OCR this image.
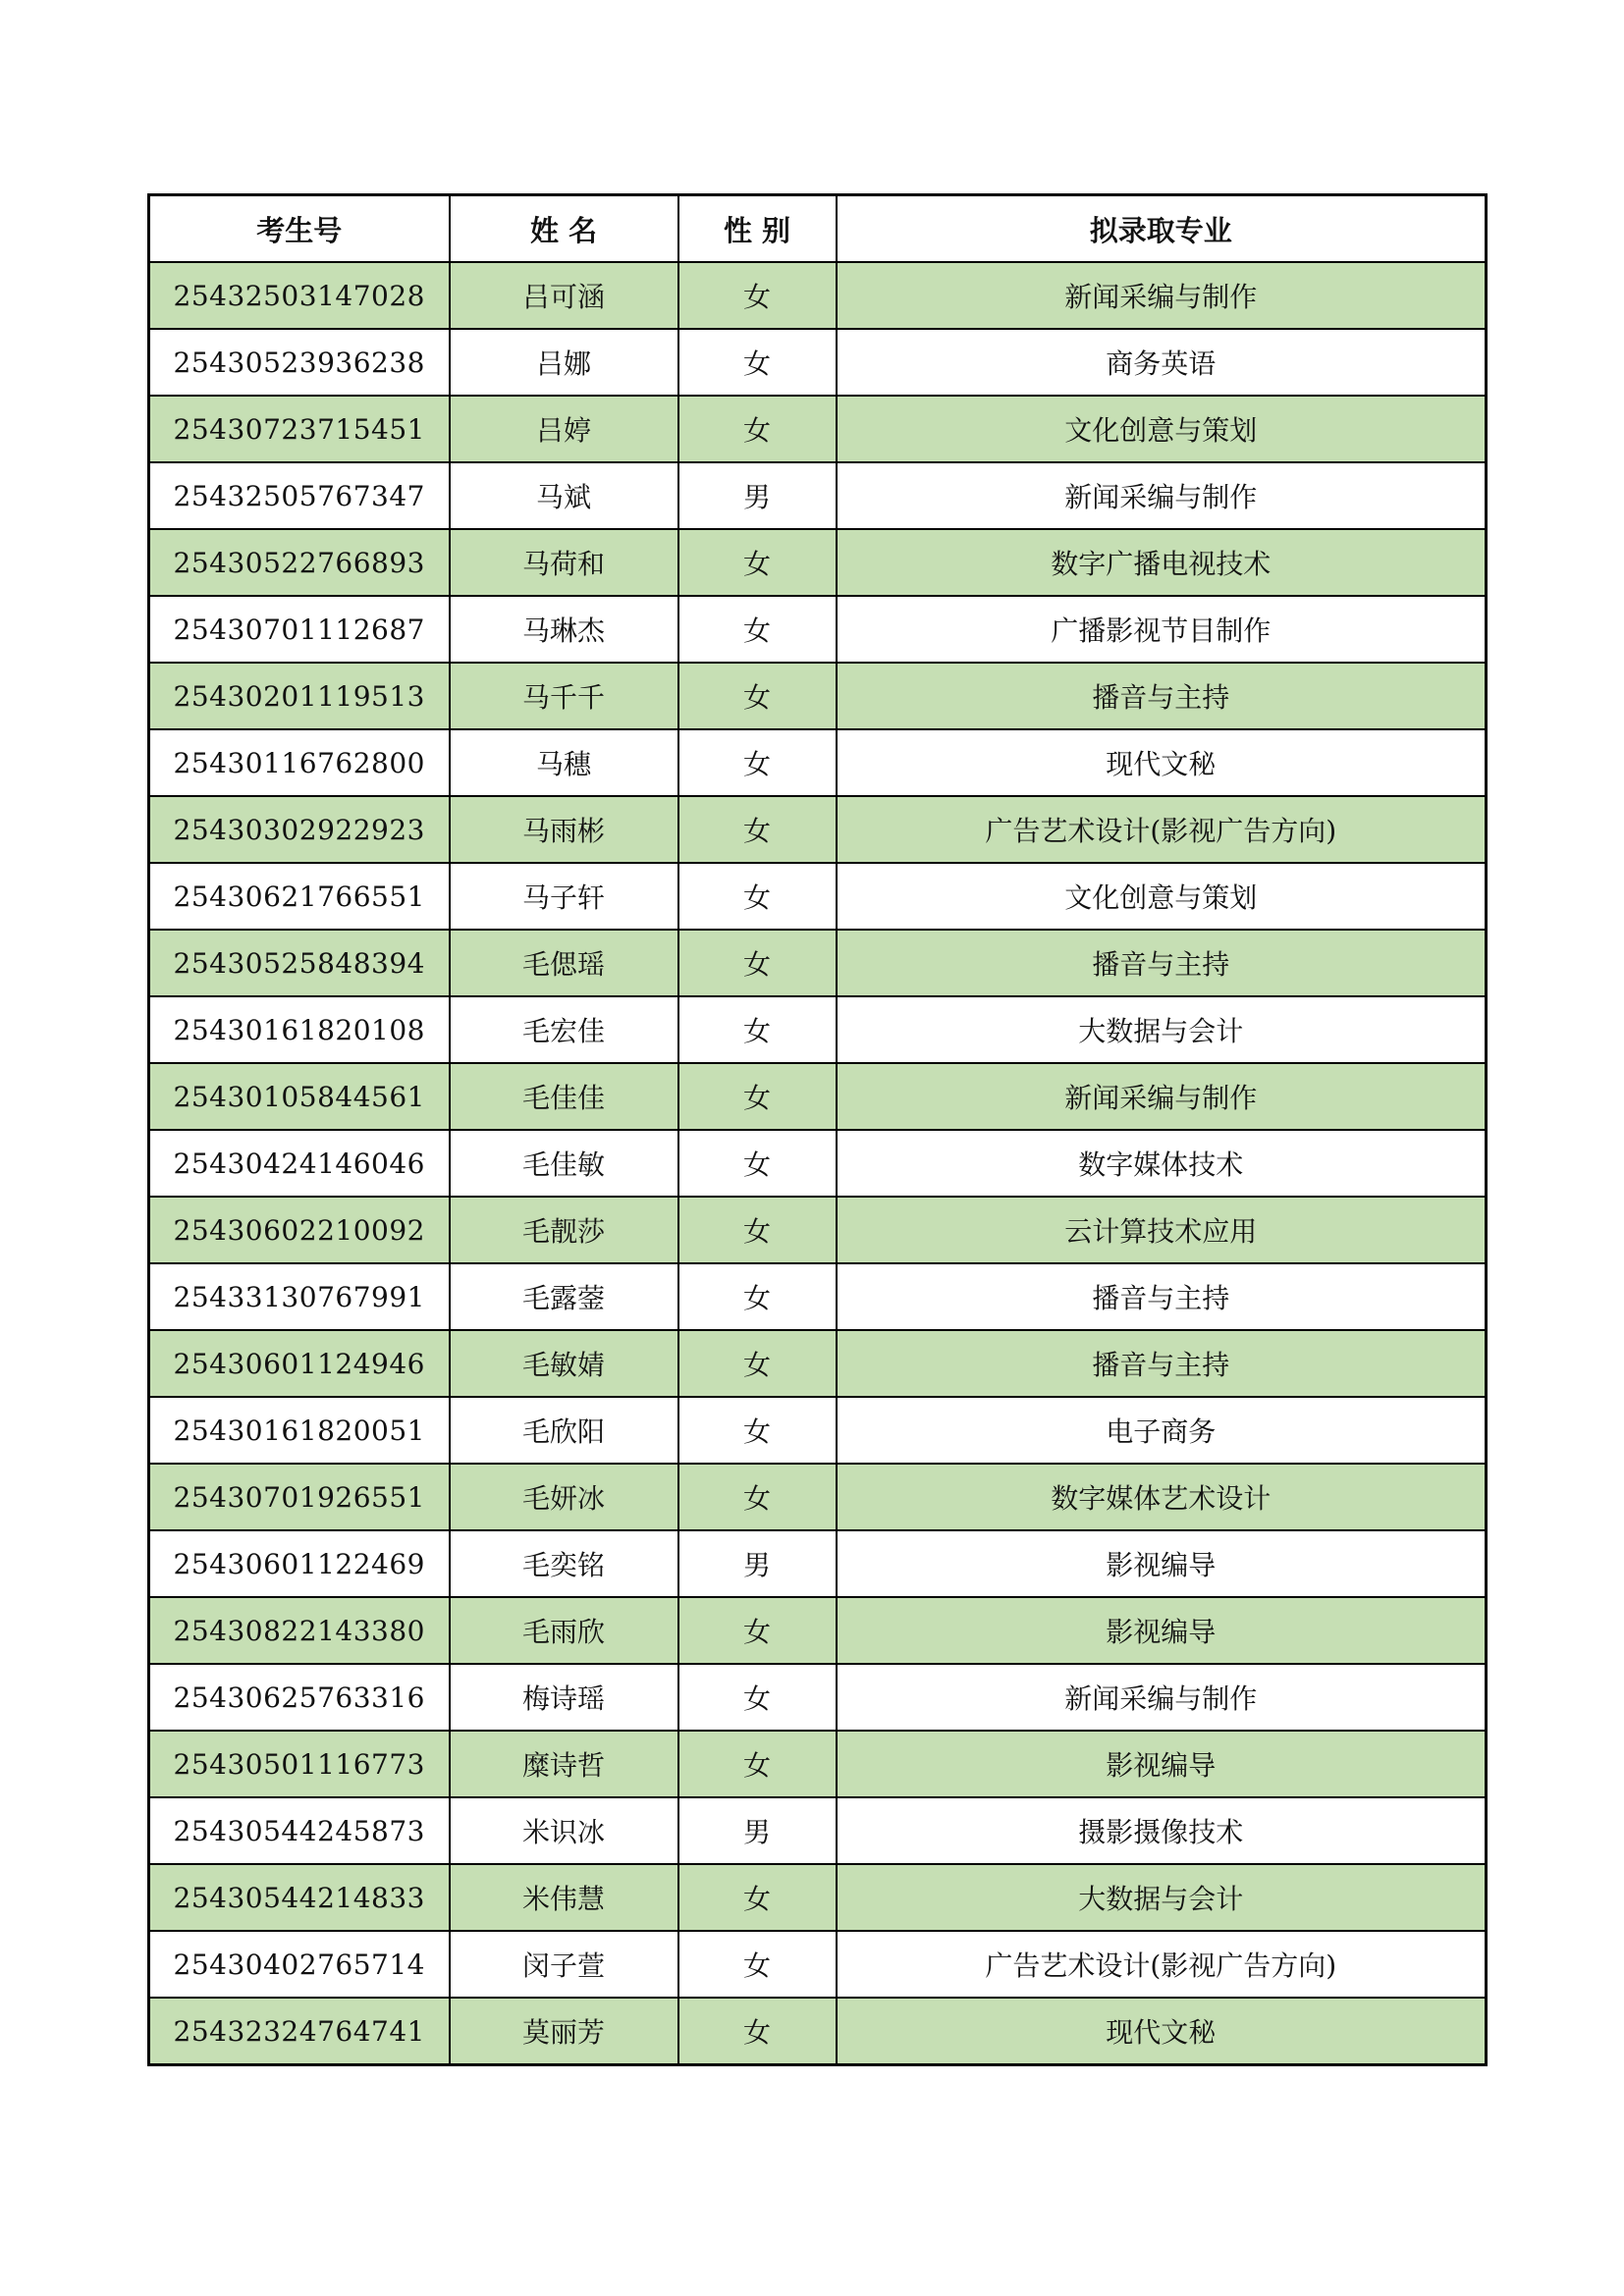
考生号	姓 名	性 别	拟录取专业
25432503147028	吕可涵	女	新闻采编与制作
25430523936238	吕娜	女	商务英语
25430723715451	吕婷	女	文化创意与策划
25432505767347	马斌	男	新闻采编与制作
25430522766893	马荷和	女	数字广播电视技术
25430701112687	马琳杰	女	广播影视节目制作
25430201119513	马千千	女	播音与主持
25430116762800	马穗	女	现代文秘
25430302922923	马雨彬	女	广告艺术设计(影视广告方向)
25430621766551	马子轩	女	文化创意与策划
25430525848394	毛偲瑶	女	播音与主持
25430161820108	毛宏佳	女	大数据与会计
25430105844561	毛佳佳	女	新闻采编与制作
25430424146046	毛佳敏	女	数字媒体技术
25430602210092	毛靓莎	女	云计算技术应用
25433130767991	毛露蓥	女	播音与主持
25430601124946	毛敏婧	女	播音与主持
25430161820051	毛欣阳	女	电子商务
25430701926551	毛妍冰	女	数字媒体艺术设计
25430601122469	毛奕铭	男	影视编导
25430822143380	毛雨欣	女	影视编导
25430625763316	梅诗瑶	女	新闻采编与制作
25430501116773	糜诗哲	女	影视编导
25430544245873	米识冰	男	摄影摄像技术
25430544214833	米伟慧	女	大数据与会计
25430402765714	闵子萱	女	广告艺术设计(影视广告方向)
25432324764741	莫丽芳	女	现代文秘
